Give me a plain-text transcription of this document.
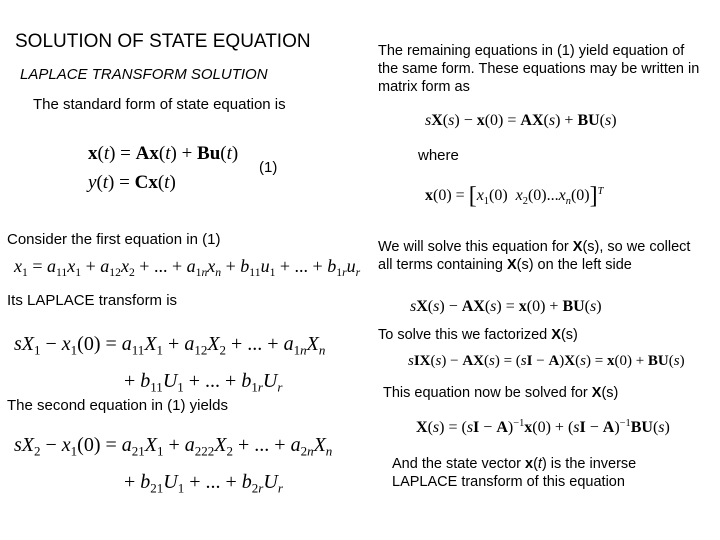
SOLUTION OF STATE EQUATION
LAPLACE TRANSFORM SOLUTION
The standard form of state equation is
x(t) = Ax(t) + Bu(t)
y(t) = Cx(t)
(1)
Consider the first equation in (1)
$x_1 = a_{11}x_1 + a_{12}x_2$ + ... + $a_{1n}x_n + b_{11}u_1$ + ... + $b_{1r}u_r$
Its LAPLACE transform is
$sX_1 - x_1(0) = a_{11}X_1 + a_{12}X_2$ + ... + $a_{1n}X_n$
+ $b_{11}U_1$ + ... + $b_{1r}U_r$
The second equation in (1) yields
$sX_2 - x_1(0) = a_{21}X_1 + a_{222}X_2$ + ... + $a_{2n}X_n$
+ $b_{21}U_1$ + ... + $b_{2r}U_r$
The remaining equations in (1) yield equation of the same form. These equations may be written in matrix form as
sX(s) − x(0) = AX(s) + BU(s)
where
$x(0) = [x_1(0)$  $x_2(0)...x_n(0)]^T$
We will solve this equation for X(s), so we collect all terms containing X(s) on the left side
sX(s) − AX(s) = x(0) + BU(s)
To solve this we factorized X(s)
sIX(s) − AX(s) = (sI − A)X(s) = x(0) + BU(s)
This equation now be solved for X(s)
X(s) = (sI − A)$^{-1}$x(0) + (sI − A)$^{-1}$BU(s)
And the state vector x(t) is the inverse LAPLACE transform of this equation
